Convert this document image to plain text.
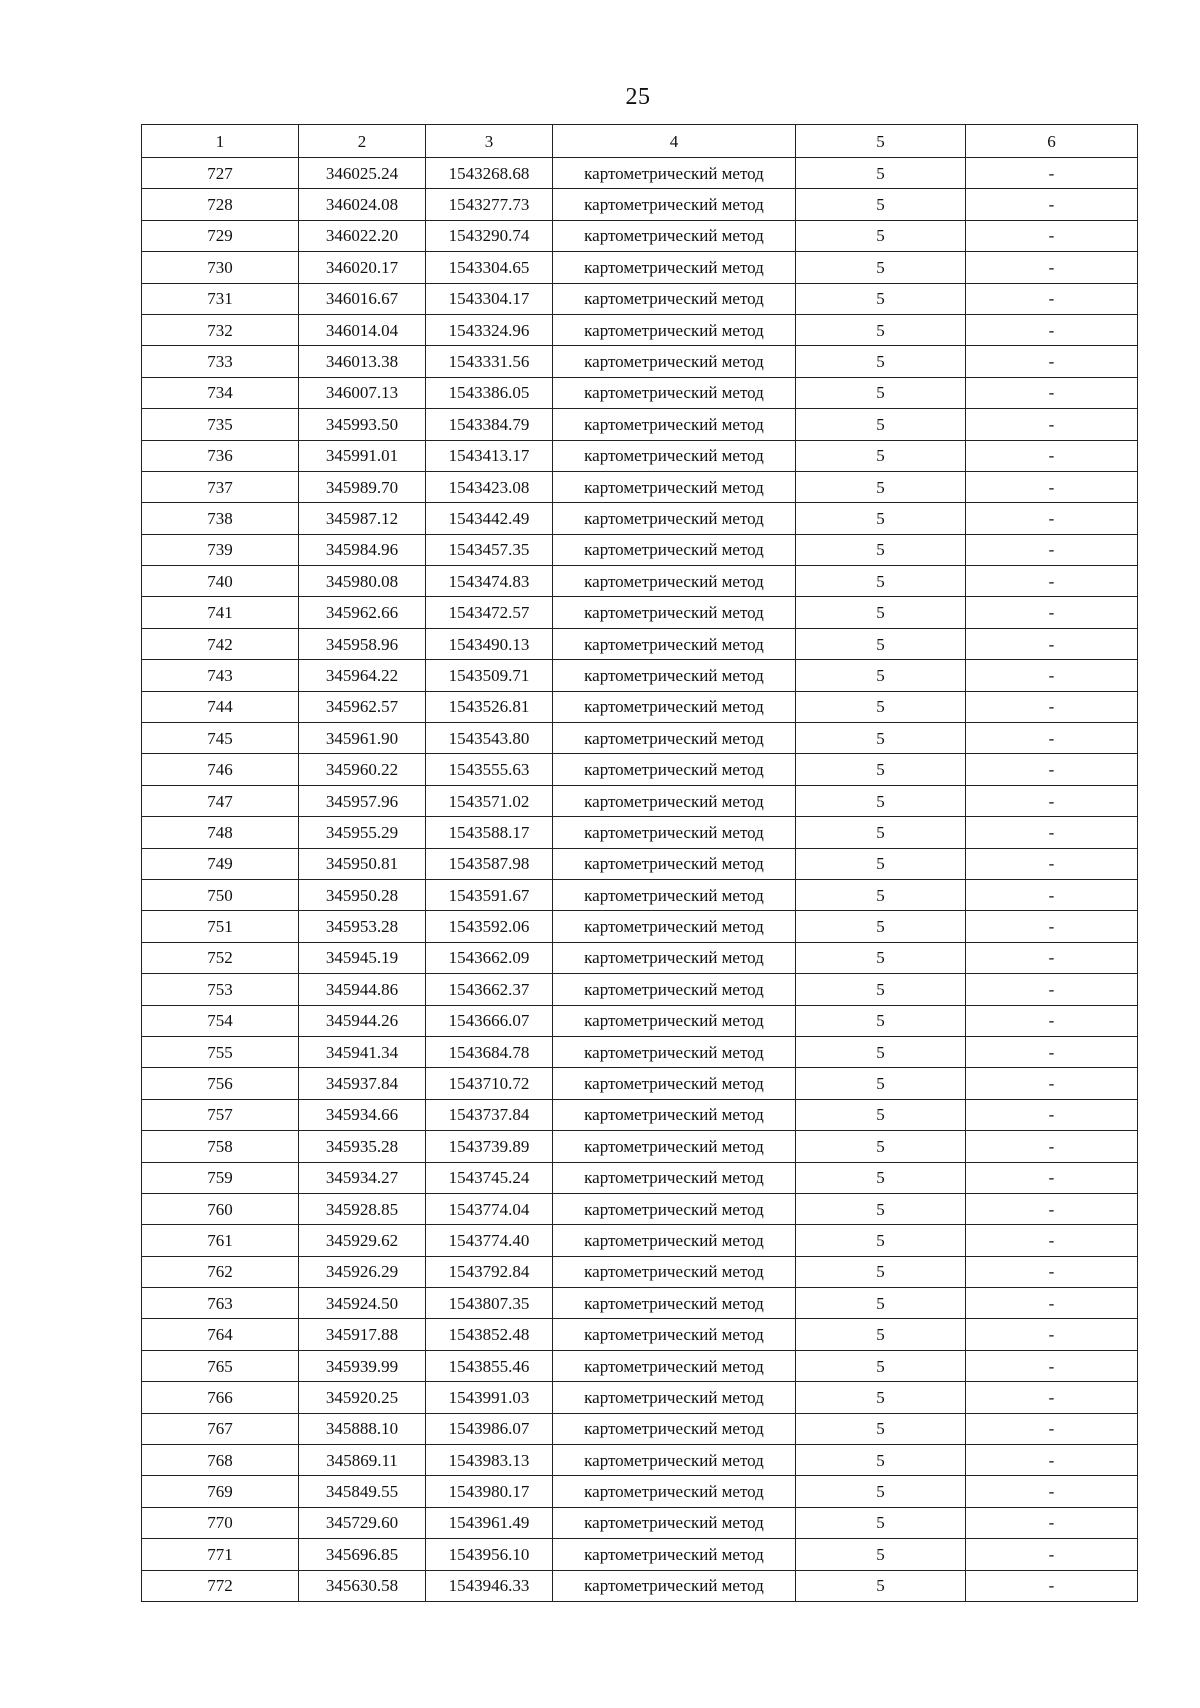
25
1	2	3	4	5	6
727	346025.24	1543268.68	картометрический метод	5	-
728	346024.08	1543277.73	картометрический метод	5	-
729	346022.20	1543290.74	картометрический метод	5	-
730	346020.17	1543304.65	картометрический метод	5	-
731	346016.67	1543304.17	картометрический метод	5	-
732	346014.04	1543324.96	картометрический метод	5	-
733	346013.38	1543331.56	картометрический метод	5	-
734	346007.13	1543386.05	картометрический метод	5	-
735	345993.50	1543384.79	картометрический метод	5	-
736	345991.01	1543413.17	картометрический метод	5	-
737	345989.70	1543423.08	картометрический метод	5	-
738	345987.12	1543442.49	картометрический метод	5	-
739	345984.96	1543457.35	картометрический метод	5	-
740	345980.08	1543474.83	картометрический метод	5	-
741	345962.66	1543472.57	картометрический метод	5	-
742	345958.96	1543490.13	картометрический метод	5	-
743	345964.22	1543509.71	картометрический метод	5	-
744	345962.57	1543526.81	картометрический метод	5	-
745	345961.90	1543543.80	картометрический метод	5	-
746	345960.22	1543555.63	картометрический метод	5	-
747	345957.96	1543571.02	картометрический метод	5	-
748	345955.29	1543588.17	картометрический метод	5	-
749	345950.81	1543587.98	картометрический метод	5	-
750	345950.28	1543591.67	картометрический метод	5	-
751	345953.28	1543592.06	картометрический метод	5	-
752	345945.19	1543662.09	картометрический метод	5	-
753	345944.86	1543662.37	картометрический метод	5	-
754	345944.26	1543666.07	картометрический метод	5	-
755	345941.34	1543684.78	картометрический метод	5	-
756	345937.84	1543710.72	картометрический метод	5	-
757	345934.66	1543737.84	картометрический метод	5	-
758	345935.28	1543739.89	картометрический метод	5	-
759	345934.27	1543745.24	картометрический метод	5	-
760	345928.85	1543774.04	картометрический метод	5	-
761	345929.62	1543774.40	картометрический метод	5	-
762	345926.29	1543792.84	картометрический метод	5	-
763	345924.50	1543807.35	картометрический метод	5	-
764	345917.88	1543852.48	картометрический метод	5	-
765	345939.99	1543855.46	картометрический метод	5	-
766	345920.25	1543991.03	картометрический метод	5	-
767	345888.10	1543986.07	картометрический метод	5	-
768	345869.11	1543983.13	картометрический метод	5	-
769	345849.55	1543980.17	картометрический метод	5	-
770	345729.60	1543961.49	картометрический метод	5	-
771	345696.85	1543956.10	картометрический метод	5	-
772	345630.58	1543946.33	картометрический метод	5	-
